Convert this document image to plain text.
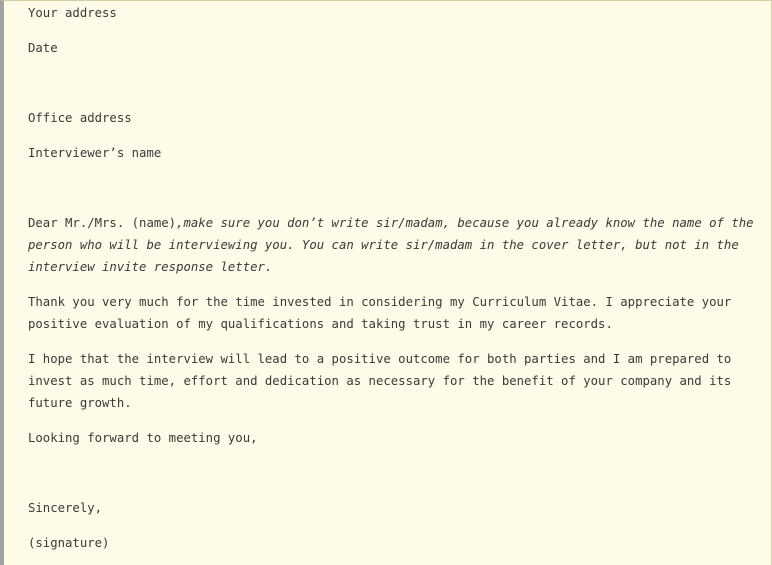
Your address

Date

Office address

Interviewer’s name

Dear Mr./Mrs. (name),make sure you don’t write sir/madam, because you already know the name of the person who will be interviewing you. You can write sir/madam in the cover letter, but not in the interview invite response letter.

Thank you very much for the time invested in considering my Curriculum Vitae. I appreciate your positive evaluation of my qualifications and taking trust in my career records.

I hope that the interview will lead to a positive outcome for both parties and I am prepared to invest as much time, effort and dedication as necessary for the benefit of your company and its future growth.

Looking forward to meeting you,

Sincerely,

(signature)
